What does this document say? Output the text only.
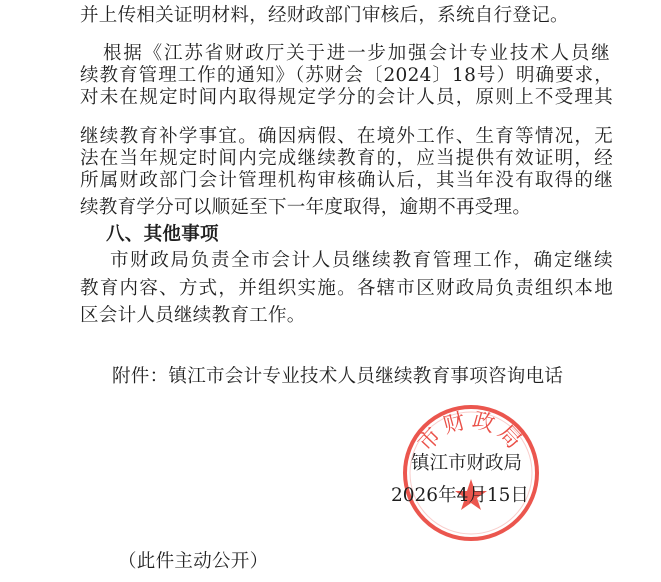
并上传相关证明材料，经财政部门审核后，系统自行登记。
根据《江苏省财政厅关于进一步加强会计专业技术人员继
续教育管理工作的通知》（苏财会〔2024〕18号）明确要求，
对未在规定时间内取得规定学分的会计人员，原则上不受理其
继续教育补学事宜。确因病假、在境外工作、生育等情况，无
法在当年规定时间内完成继续教育的，应当提供有效证明，经
所属财政部门会计管理机构审核确认后，其当年没有取得的继
续教育学分可以顺延至下一年度取得，逾期不再受理。
八、其他事项
市财政局负责全市会计人员继续教育管理工作，确定继续
教育内容、方式，并组织实施。各辖市区财政局负责组织本地
区会计人员继续教育工作。
附件：镇江市会计专业技术人员继续教育事项咨询电话
市财政局
镇江市财政局
2026年4月15日
（此件主动公开）
